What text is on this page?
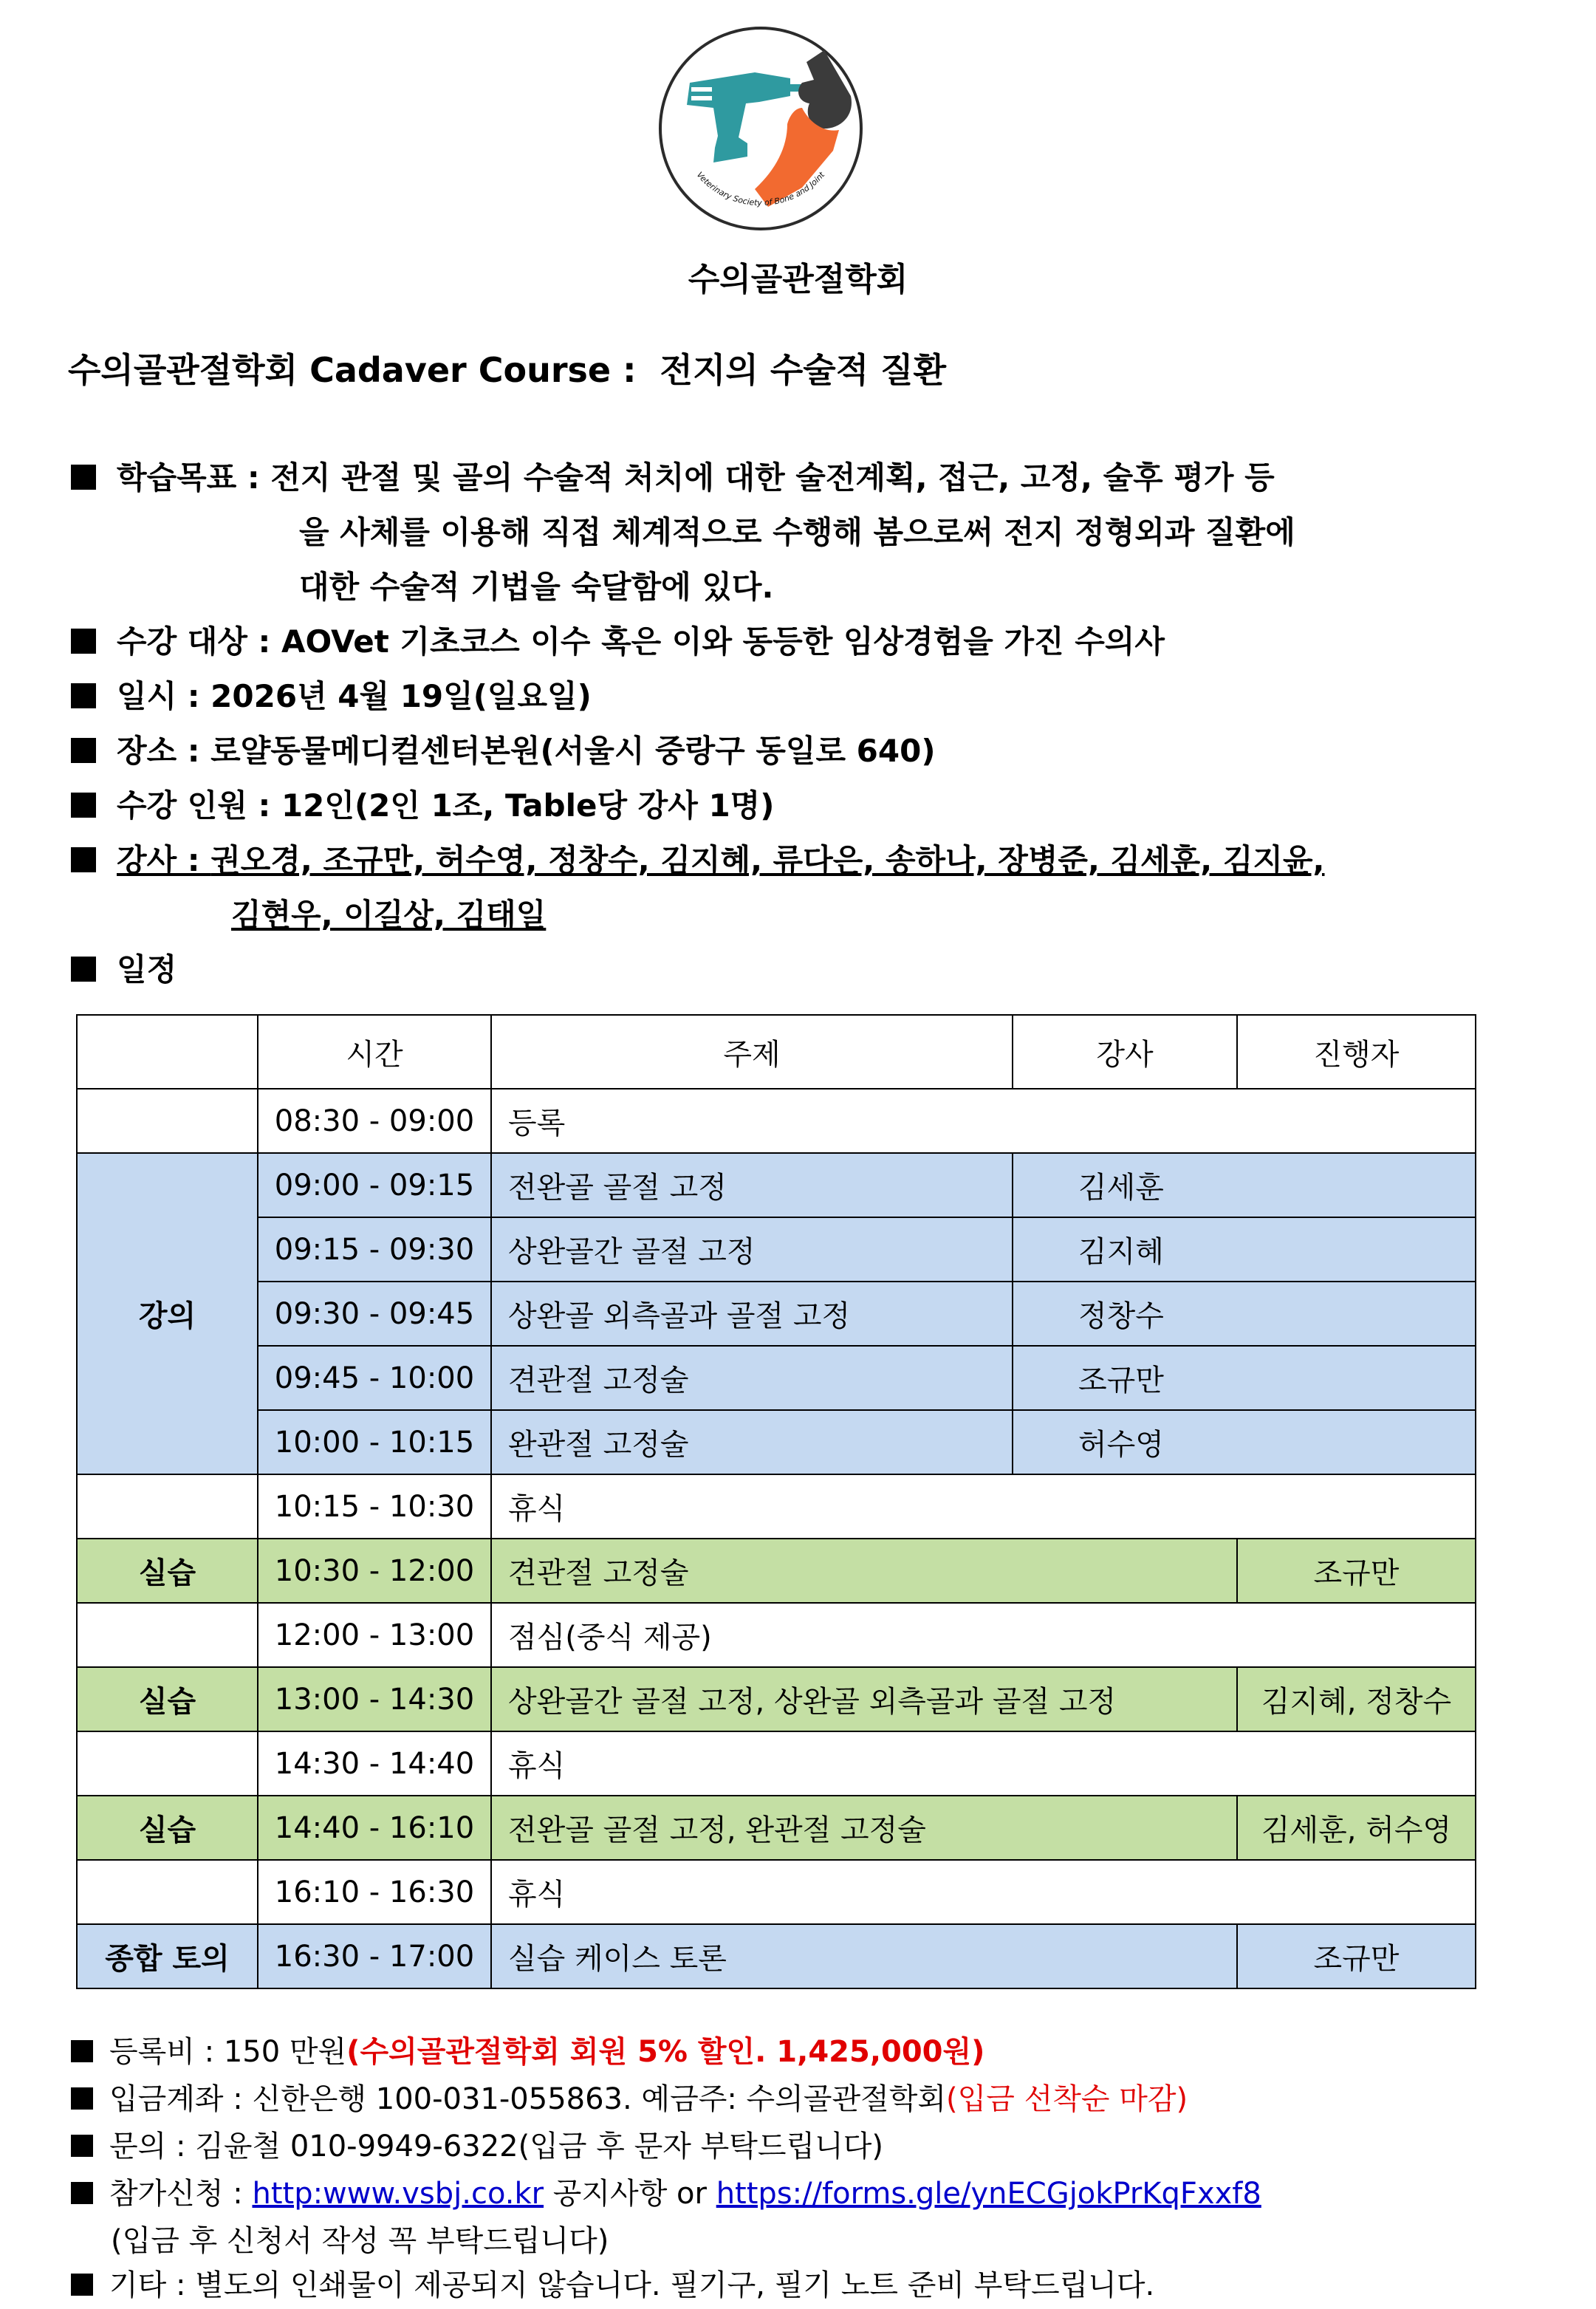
Veterinary Society of Bone and Joint
수의골관절학회
수의골관절학회 Cadaver Course :  전지의 수술적 질환
학습목표 : 전지 관절 및 골의 수술적 처치에 대한 술전계획, 접근, 고정, 술후 평가 등
을 사체를 이용해 직접 체계적으로 수행해 봄으로써 전지 정형외과 질환에
대한 수술적 기법을 숙달함에 있다.
수강 대상 : AOVet 기초코스 이수 혹은 이와 동등한 임상경험을 가진 수의사
일시 : 2026년 4월 19일(일요일)
장소 : 로얄동물메디컬센터본원(서울시 중랑구 동일로 640)
수강 인원 : 12인(2인 1조, Table당 강사 1명)
강사 : 권오경, 조규만, 허수영, 정창수, 김지혜, 류다은, 송하나, 장병준, 김세훈, 김지윤,
김현우, 이길상, 김태일
일정
	시간	주제	강사	진행자
	08:30 - 09:00	등록		
강의	09:00 - 09:15	전완골 골절 고정	김세훈	
	09:15 - 09:30	상완골간 골절 고정	김지혜	
	09:30 - 09:45	상완골 외측골과 골절 고정	정창수	
	09:45 - 10:00	견관절 고정술	조규만	
	10:00 - 10:15	완관절 고정술	허수영	
	10:15 - 10:30	휴식		
실습	10:30 - 12:00	견관절 고정술		조규만
	12:00 - 13:00	점심(중식 제공)		
실습	13:00 - 14:30	상완골간 골절 고정, 상완골 외측골과 골절 고정		김지혜, 정창수
	14:30 - 14:40	휴식		
실습	14:40 - 16:10	전완골 골절 고정, 완관절 고정술		김세훈, 허수영
	16:10 - 16:30	휴식		
종합 토의	16:30 - 17:00	실습 케이스 토론		조규만
등록비 : 150 만원(수의골관절학회 회원 5% 할인. 1,425,000원)
입금계좌 : 신한은행 100-031-055863. 예금주: 수의골관절학회(입금 선착순 마감)
문의 : 김윤철 010-9949-6322(입금 후 문자 부탁드립니다)
참가신청 : http:www.vsbj.co.kr 공지사항 or https://forms.gle/ynECGjokPrKqFxxf8
(입금 후 신청서 작성 꼭 부탁드립니다)
기타 : 별도의 인쇄물이 제공되지 않습니다. 필기구, 필기 노트 준비 부탁드립니다.
